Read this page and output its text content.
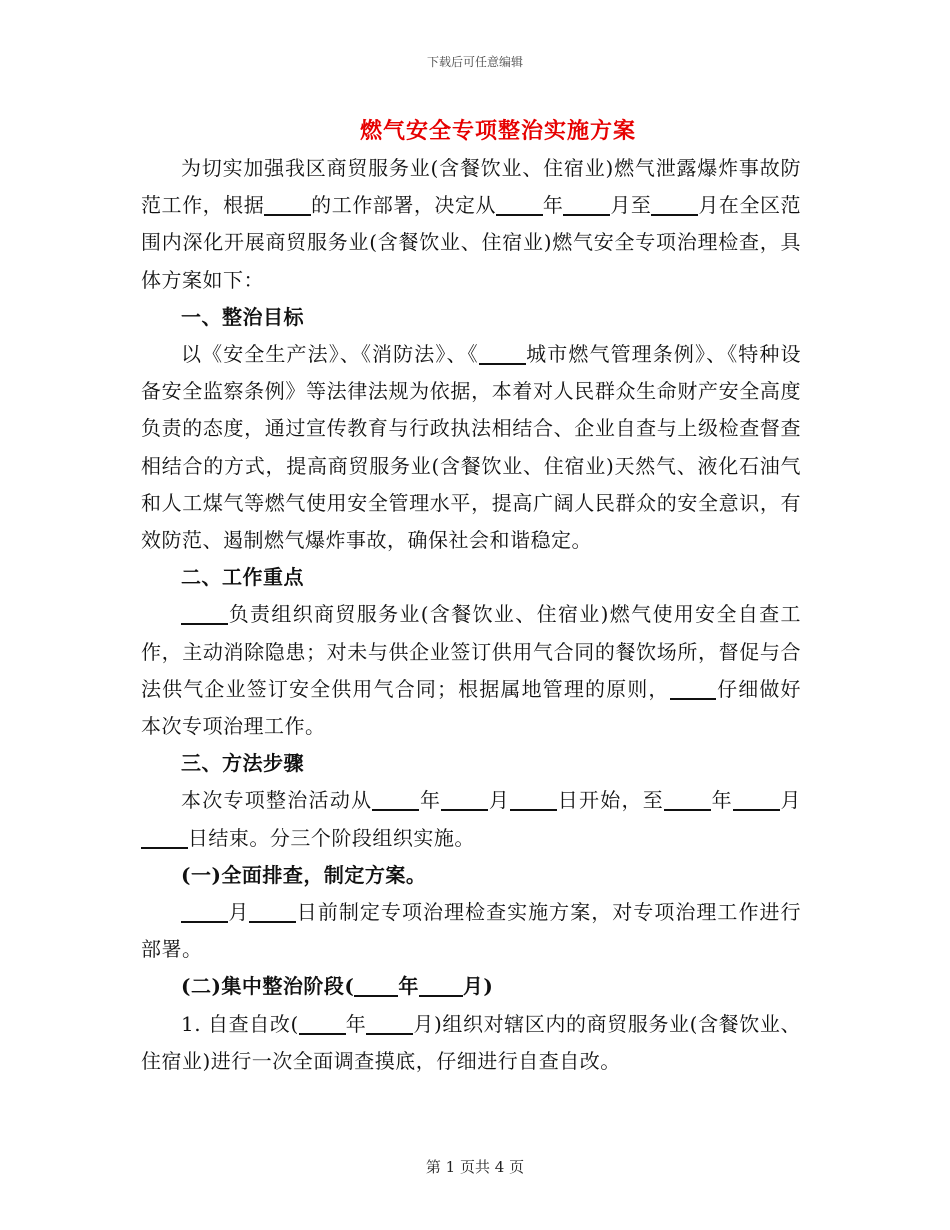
下载后可任意编辑
燃气安全专项整治实施方案

为切实加强我区商贸服务业(含餐饮业、住宿业)燃气泄露爆炸事故防范工作，根据 的工作部署，决定从 年 月至 月在全区范围内深化开展商贸服务业(含餐饮业、住宿业)燃气安全专项治理检查，具体方案如下：

一、整治目标

以《安全生产法》、《消防法》、《 城市燃气管理条例》、《特种设备安全监察条例》等法律法规为依据，本着对人民群众生命财产安全高度负责的态度，通过宣传教育与行政执法相结合、企业自查与上级检查督查相结合的方式，提高商贸服务业(含餐饮业、住宿业)天然气、液化石油气和人工煤气等燃气使用安全管理水平，提高广阔人民群众的安全意识，有效防范、遏制燃气爆炸事故，确保社会和谐稳定。

二、工作重点

负责组织商贸服务业(含餐饮业、住宿业)燃气使用安全自查工作，主动消除隐患；对未与供企业签订供用气合同的餐饮场所，督促与合法供气企业签订安全供用气合同；根据属地管理的原则， 仔细做好本次专项治理工作。

三、方法步骤

本次专项整治活动从 年 月 日开始，至 年 月 日结束。分三个阶段组织实施。

(一)全面排查，制定方案。

月 日前制定专项治理检查实施方案，对专项治理工作进行部署。

(二)集中整治阶段( 年 月)

1. 自查自改( 年 月)组织对辖区内的商贸服务业(含餐饮业、住宿业)进行一次全面调查摸底，仔细进行自查自改。

第 1 页共 4 页
